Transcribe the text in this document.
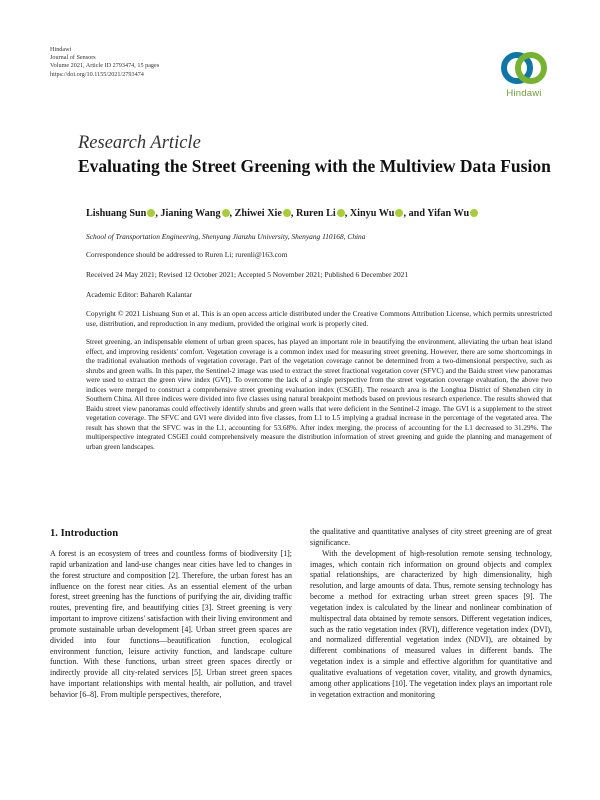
Hindawi
Journal of Sensors
Volume 2021, Article ID 2793474, 15 pages
https://doi.org/10.1155/2021/2793474
Hindawi
Research Article
Evaluating the Street Greening with the Multiview Data Fusion
Lishuang Sun , Jianing Wang , Zhiwei Xie , Ruren Li , Xinyu Wu , and Yifan Wu
School of Transportation Engineering, Shenyang Jianzhu University, Shenyang 110168, China
Correspondence should be addressed to Ruren Li; rurenli@163.com
Received 24 May 2021; Revised 12 October 2021; Accepted 5 November 2021; Published 6 December 2021
Academic Editor: Bahareh Kalantar
Copyright © 2021 Lishuang Sun et al. This is an open access article distributed under the Creative Commons Attribution License, which permits unrestricted use, distribution, and reproduction in any medium, provided the original work is properly cited.
Street greening, an indispensable element of urban green spaces, has played an important role in beautifying the environment, alleviating the urban heat island effect, and improving residents' comfort. Vegetation coverage is a common index used for measuring street greening. However, there are some shortcomings in the traditional evaluation methods of vegetation coverage. Part of the vegetation coverage cannot be determined from a two-dimensional perspective, such as shrubs and green walls. In this paper, the Sentinel-2 image was used to extract the street fractional vegetation cover (SFVC) and the Baidu street view panoramas were used to extract the green view index (GVI). To overcome the lack of a single perspective from the street vegetation coverage evaluation, the above two indices were merged to construct a comprehensive street greening evaluation index (CSGEI). The research area is the Longhua District of Shenzhen city in Southern China. All three indices were divided into five classes using natural breakpoint methods based on previous research experience. The results showed that Baidu street view panoramas could effectively identify shrubs and green walls that were deficient in the Sentinel-2 image. The GVI is a supplement to the street vegetation coverage. The SFVC and GVI were divided into five classes, from L1 to L5 implying a gradual increase in the percentage of the vegetated area. The result has shown that the SFVC was in the L1, accounting for 53.68%. After index merging, the process of accounting for the L1 decreased to 31.29%. The multiperspective integrated CSGEI could comprehensively measure the distribution information of street greening and guide the planning and management of urban green landscapes.
1. Introduction

A forest is an ecosystem of trees and countless forms of biodiversity [1]; rapid urbanization and land-use changes near cities have led to changes in the forest structure and composition [2]. Therefore, the urban forest has an influence on the forest near cities. As an essential element of the urban forest, street greening has the functions of purifying the air, dividing traffic routes, preventing fire, and beautifying cities [3]. Street greening is very important to improve citizens' satisfaction with their living environment and promote sustainable urban development [4]. Urban street green spaces are divided into four functions—beautification function, ecological environment function, leisure activity function, and landscape culture function. With these functions, urban street green spaces directly or indirectly provide all city-related services [5]. Urban street green spaces have important relationships with mental health, air pollution, and travel behavior [6–8]. From multiple perspectives, therefore,

the qualitative and quantitative analyses of city street greening are of great significance.

With the development of high-resolution remote sensing technology, images, which contain rich information on ground objects and complex spatial relationships, are characterized by high dimensionality, high resolution, and large amounts of data. Thus, remote sensing technology has become a method for extracting urban street green spaces [9]. The vegetation index is calculated by the linear and nonlinear combination of multispectral data obtained by remote sensors. Different vegetation indices, such as the ratio vegetation index (RVI), difference vegetation index (DVI), and normalized differential vegetation index (NDVI), are obtained by different combinations of measured values in different bands. The vegetation index is a simple and effective algorithm for quantitative and qualitative evaluations of vegetation cover, vitality, and growth dynamics, among other applications [10]. The vegetation index plays an important role in vegetation extraction and monitoring
